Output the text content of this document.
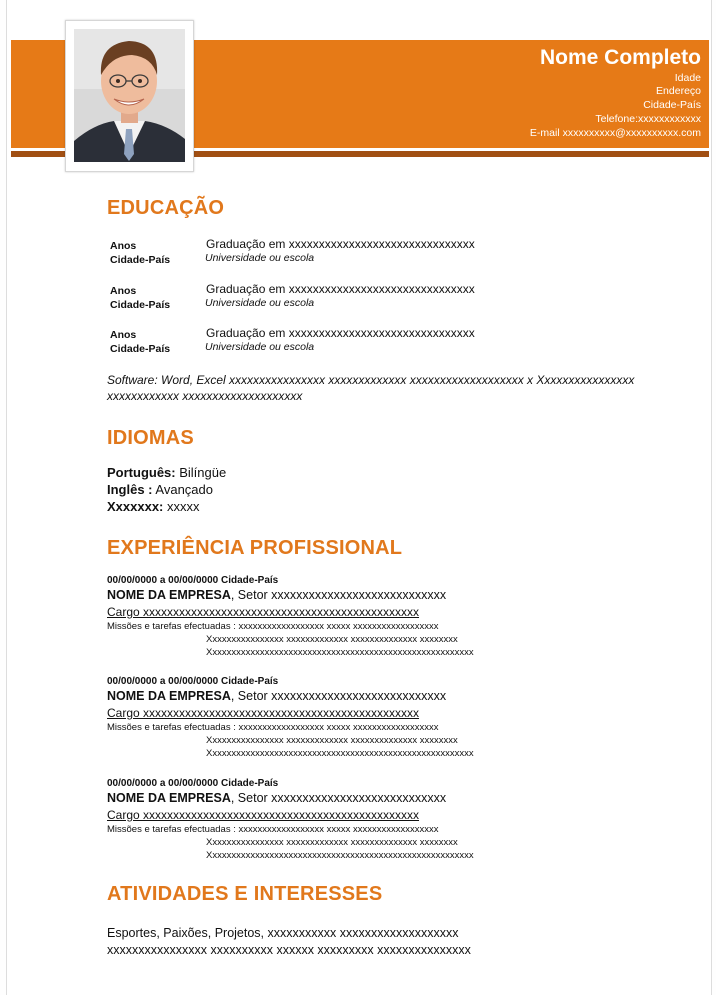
Nome Completo
Idade
Endereço
Cidade-País
Telefone:xxxxxxxxxxxx
E-mail xxxxxxxxxx@xxxxxxxxxx.com
EDUCAÇÃO
Anos
Cidade-País
Graduação em xxxxxxxxxxxxxxxxxxxxxxxxxxxxxxx
Universidade ou escola
Anos
Cidade-País
Graduação em xxxxxxxxxxxxxxxxxxxxxxxxxxxxxxx
Universidade ou escola
Anos
Cidade-País
Graduação em xxxxxxxxxxxxxxxxxxxxxxxxxxxxxxx
Universidade ou escola
Software: Word, Excel xxxxxxxxxxxxxxxx xxxxxxxxxxxxx xxxxxxxxxxxxxxxxxxx x Xxxxxxxxxxxxxxxx xxxxxxxxxxxx xxxxxxxxxxxxxxxxxxxx
IDIOMAS
Português: Bilíngüe
Inglês : Avançado
Xxxxxxx: xxxxx
EXPERIÊNCIA PROFISSIONAL
00/00/0000 a 00/00/0000 Cidade-País
NOME DA EMPRESA, Setor xxxxxxxxxxxxxxxxxxxxxxxxxxxx
Cargo xxxxxxxxxxxxxxxxxxxxxxxxxxxxxxxxxxxxxxxxxxxxxx
Missões e tarefas efectuadas : xxxxxxxxxxxxxxxxxx xxxxx xxxxxxxxxxxxxxxxxx
Xxxxxxxxxxxxxxxx xxxxxxxxxxxxx xxxxxxxxxxxxxx xxxxxxxx
Xxxxxxxxxxxxxxxxxxxxxxxxxxxxxxxxxxxxxxxxxxxxxxxxxxxxxxxx
00/00/0000 a 00/00/0000 Cidade-País
NOME DA EMPRESA, Setor xxxxxxxxxxxxxxxxxxxxxxxxxxxx
Cargo xxxxxxxxxxxxxxxxxxxxxxxxxxxxxxxxxxxxxxxxxxxxxx
Missões e tarefas efectuadas : xxxxxxxxxxxxxxxxxx xxxxx xxxxxxxxxxxxxxxxxx
Xxxxxxxxxxxxxxxx xxxxxxxxxxxxx xxxxxxxxxxxxxx xxxxxxxx
Xxxxxxxxxxxxxxxxxxxxxxxxxxxxxxxxxxxxxxxxxxxxxxxxxxxxxxxx
00/00/0000 a 00/00/0000 Cidade-País
NOME DA EMPRESA, Setor xxxxxxxxxxxxxxxxxxxxxxxxxxxx
Cargo xxxxxxxxxxxxxxxxxxxxxxxxxxxxxxxxxxxxxxxxxxxxxx
Missões e tarefas efectuadas : xxxxxxxxxxxxxxxxxx xxxxx xxxxxxxxxxxxxxxxxx
Xxxxxxxxxxxxxxxx xxxxxxxxxxxxx xxxxxxxxxxxxxx xxxxxxxx
Xxxxxxxxxxxxxxxxxxxxxxxxxxxxxxxxxxxxxxxxxxxxxxxxxxxxxxxx
ATIVIDADES E INTERESSES
Esportes, Paixões, Projetos, xxxxxxxxxxx xxxxxxxxxxxxxxxxxxx
xxxxxxxxxxxxxxxx xxxxxxxxxx xxxxxx xxxxxxxxx xxxxxxxxxxxxxxx
